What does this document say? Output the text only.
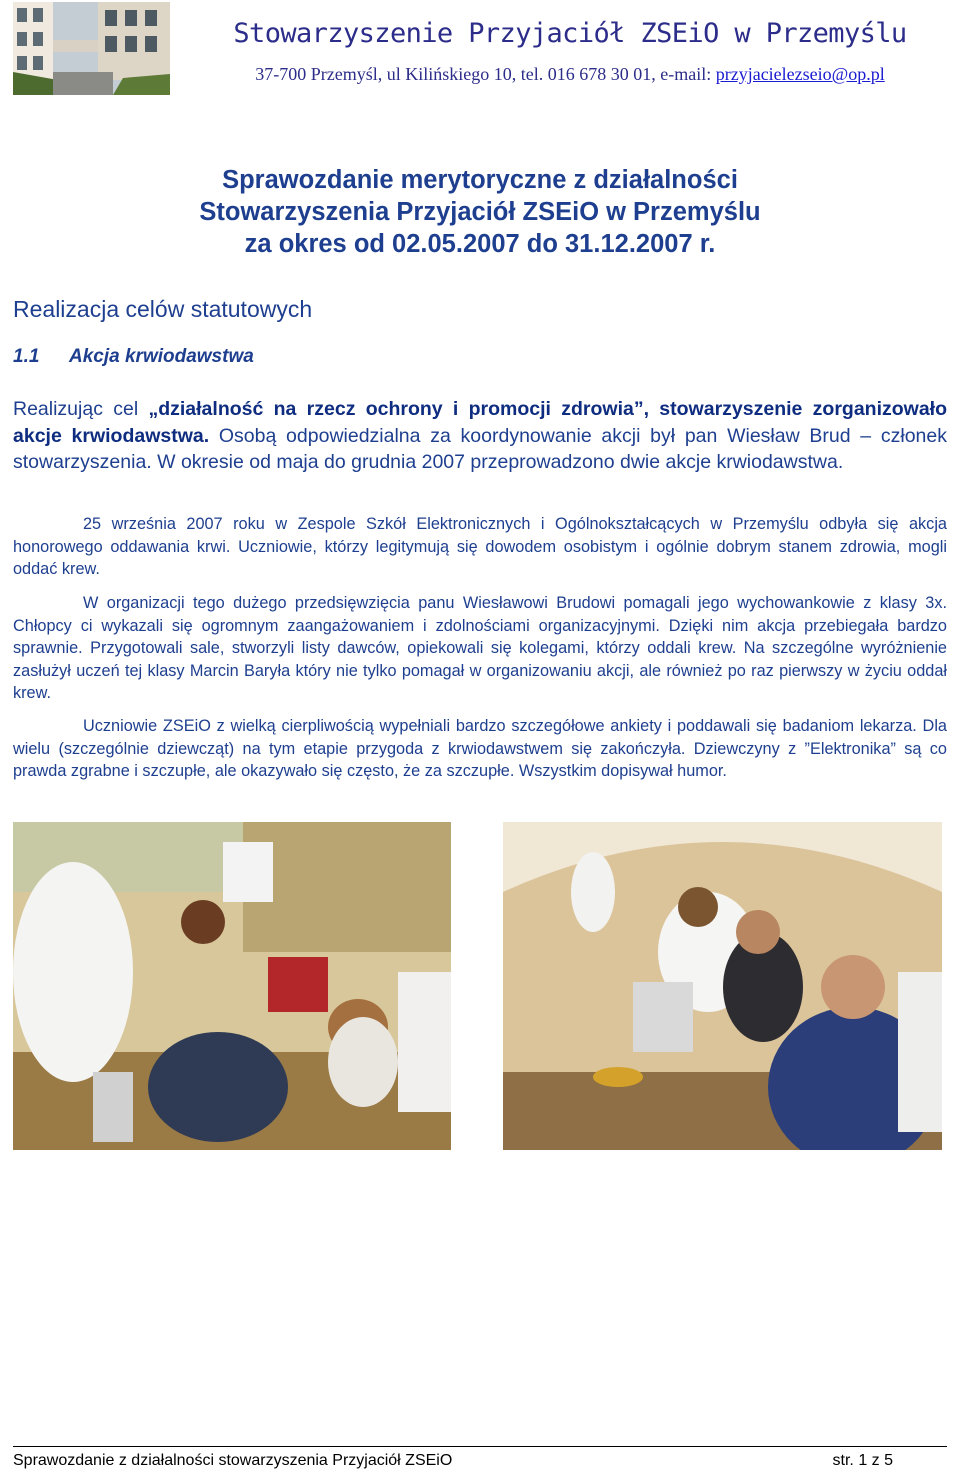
Stowarzyszenie Przyjaciół ZSEiO w Przemyślu
37-700 Przemyśl, ul Kilińskiego 10, tel. 016 678 30 01, e-mail: przyjacielezseio@op.pl
Sprawozdanie merytoryczne z działalności
Stowarzyszenia Przyjaciół ZSEiO w Przemyślu
za okres od 02.05.2007 do 31.12.2007 r.
Realizacja celów statutowych
1.1 Akcja krwiodawstwa
Realizując cel „działalność na rzecz ochrony i promocji zdrowia”, stowarzyszenie zorganizowało akcje krwiodawstwa. Osobą odpowiedzialna za koordynowanie akcji był pan Wiesław Brud – członek stowarzyszenia. W okresie od maja do grudnia 2007 przeprowadzono dwie akcje krwiodawstwa.
25 września 2007 roku w Zespole Szkół Elektronicznych i Ogólnokształcących w Przemyślu odbyła się akcja honorowego oddawania krwi. Uczniowie, którzy legitymują się dowodem osobistym i ogólnie dobrym stanem zdrowia, mogli oddać krew.
W organizacji tego dużego przedsięwzięcia panu Wiesławowi Brudowi pomagali jego wychowankowie z klasy 3x. Chłopcy ci wykazali się ogromnym zaangażowaniem i zdolnościami organizacyjnymi. Dzięki nim akcja przebiegała bardzo sprawnie. Przygotowali sale, stworzyli listy dawców, opiekowali się kolegami, którzy oddali krew. Na szczególne wyróżnienie zasłużył uczeń tej klasy Marcin Baryła który nie tylko pomagał w organizowaniu akcji, ale również po raz pierwszy w życiu oddał krew.
Uczniowie ZSEiO z wielką cierpliwością wypełniali bardzo szczegółowe ankiety i poddawali się badaniom lekarza. Dla wielu (szczególnie dziewcząt) na tym etapie przygoda z krwiodawstwem się zakończyła. Dziewczyny z ”Elektronika” są co prawda zgrabne i szczupłe, ale okazywało się często, że za szczupłe. Wszystkim dopisywał humor.
Sprawozdanie z działalności stowarzyszenia Przyjaciół ZSEiO	str. 1 z 5
